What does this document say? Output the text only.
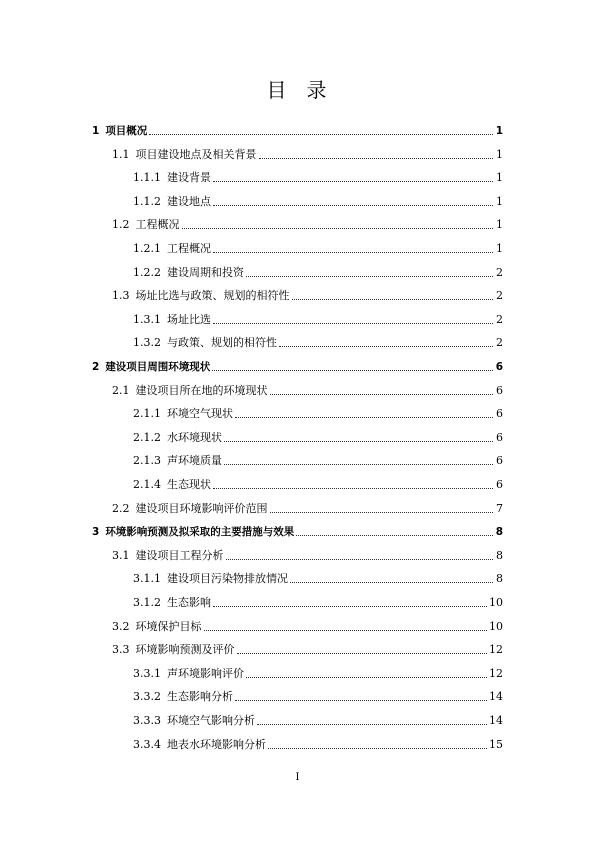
目 录
1 项目概况	1
1.1 项目建设地点及相关背景	1
1.1.1 建设背景	1
1.1.2 建设地点	1
1.2 工程概况	1
1.2.1 工程概况	1
1.2.2 建设周期和投资	2
1.3 场址比选与政策、规划的相符性	2
1.3.1 场址比选	2
1.3.2 与政策、规划的相符性	2
2 建设项目周围环境现状	6
2.1 建设项目所在地的环境现状	6
2.1.1 环境空气现状	6
2.1.2 水环境现状	6
2.1.3 声环境质量	6
2.1.4 生态现状	6
2.2 建设项目环境影响评价范围	7
3 环境影响预测及拟采取的主要措施与效果	8
3.1 建设项目工程分析	8
3.1.1 建设项目污染物排放情况	8
3.1.2 生态影响	10
3.2 环境保护目标	10
3.3 环境影响预测及评价	12
3.3.1 声环境影响评价	12
3.3.2 生态影响分析	14
3.3.3 环境空气影响分析	14
3.3.4 地表水环境影响分析	15
I
